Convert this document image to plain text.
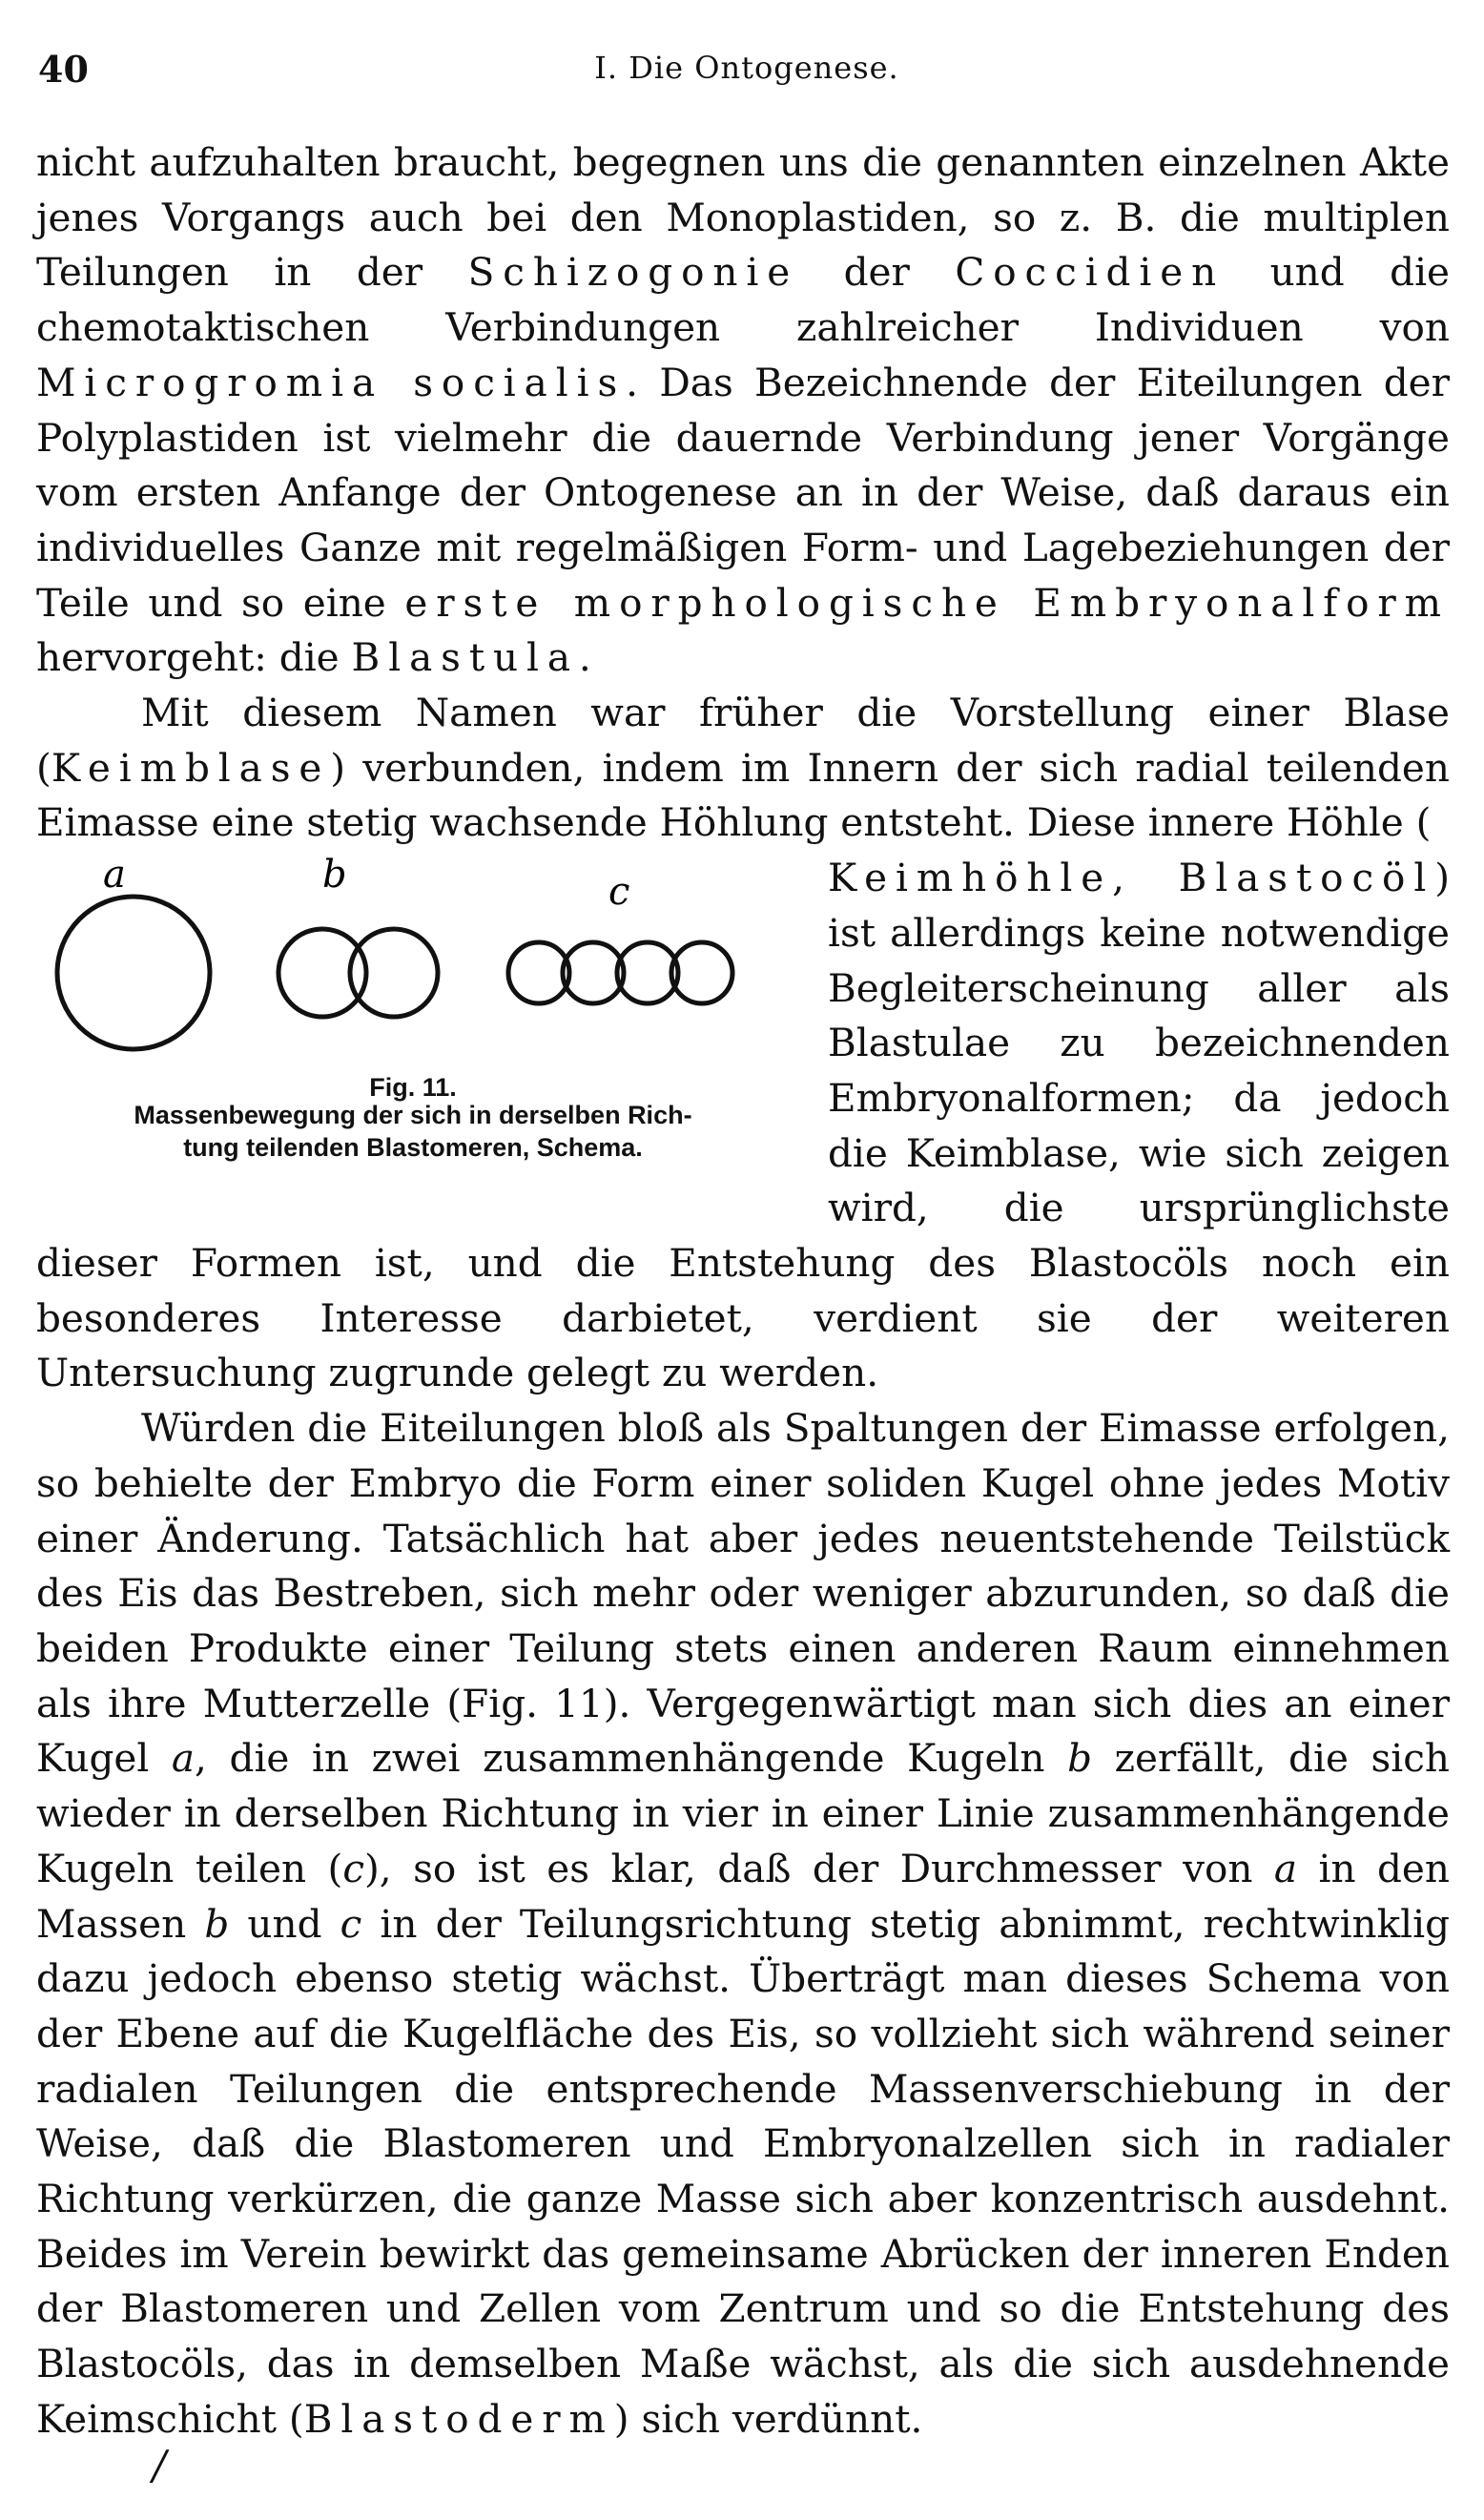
40	I. Die Ontogenese.

nicht aufzuhalten braucht, begegnen uns die genannten einzelnen Akte jenes Vorgangs auch bei den Monoplastiden, so z. B. die multiplen Teilungen in der Schizogonie der Coccidien und die chemotaktischen Verbindungen zahlreicher Individuen von Microgromia socialis. Das Bezeichnende der Eiteilungen der Polyplastiden ist vielmehr die dauernde Verbindung jener Vorgänge vom ersten Anfange der Ontogenese an in der Weise, daß daraus ein individuelles Ganze mit regelmäßigen Form- und Lagebeziehungen der Teile und so eine erste morphologische Embryonalform hervorgeht: die Blastula.

Mit diesem Namen war früher die Vorstellung einer Blase (Keimblase) verbunden, indem im Innern der sich radial teilenden Eimasse eine stetig wachsende Höhlung entsteht. Diese innere Höhle (

a	b	c
Fig. 11.
Massenbewegung der sich in derselben Rich-
tung teilenden Blastomeren, Schema.

Keimhöhle, Blastocöl) ist allerdings keine notwendige Begleiterscheinung aller als Blastulae zu bezeichnenden Embryonalformen; da jedoch die Keimblase, wie sich zeigen wird, die ursprünglichste dieser Formen ist, und die Entstehung des Blastocöls noch ein besonderes Interesse darbietet, verdient sie der weiteren Untersuchung zugrunde gelegt zu werden.

Würden die Eiteilungen bloß als Spaltungen der Eimasse erfolgen, so behielte der Embryo die Form einer soliden Kugel ohne jedes Motiv einer Änderung. Tatsächlich hat aber jedes neuentstehende Teilstück des Eis das Bestreben, sich mehr oder weniger abzurunden, so daß die beiden Produkte einer Teilung stets einen anderen Raum einnehmen als ihre Mutterzelle (Fig. 11). Vergegenwärtigt man sich dies an einer Kugel a, die in zwei zusammenhängende Kugeln b zerfällt, die sich wieder in derselben Richtung in vier in einer Linie zusammenhängende Kugeln teilen (c), so ist es klar, daß der Durchmesser von a in den Massen b und c in der Teilungsrichtung stetig abnimmt, rechtwinklig dazu jedoch ebenso stetig wächst. Überträgt man dieses Schema von der Ebene auf die Kugelfläche des Eis, so vollzieht sich während seiner radialen Teilungen die entsprechende Massenverschiebung in der Weise, daß die Blastomeren und Embryonalzellen sich in radialer Richtung verkürzen, die ganze Masse sich aber konzentrisch ausdehnt. Beides im Verein bewirkt das gemeinsame Abrücken der inneren Enden der Blastomeren und Zellen vom Zentrum und so die Entstehung des Blastocöls, das in demselben Maße wächst, als die sich ausdehnende Keimschicht (Blastoderm) sich verdünnt.

/
